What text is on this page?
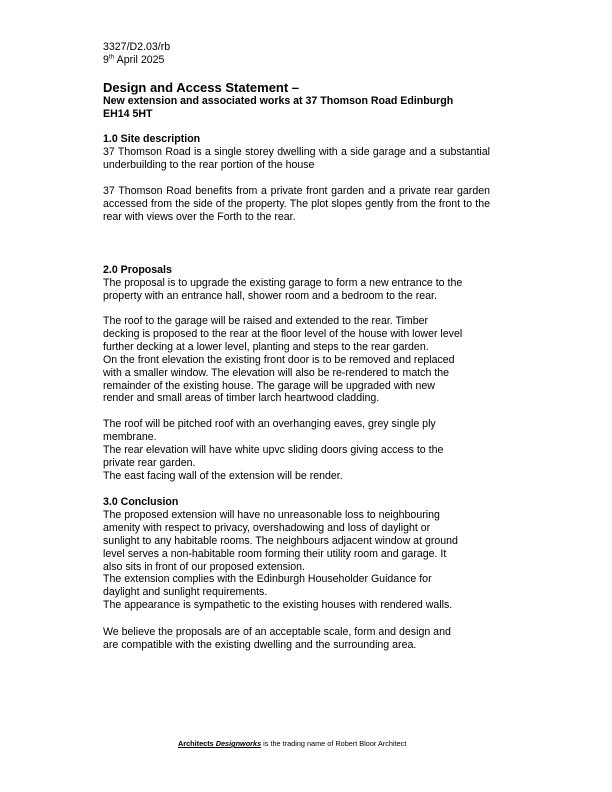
3327/D2.03/rb
9th April 2025
Design and Access Statement –
New extension and associated works at 37 Thomson Road Edinburgh
EH14 5HT
1.0 Site description
37 Thomson Road is a single storey dwelling with a side garage and a substantial underbuilding to the rear portion of the house
37 Thomson Road benefits from a private front garden and a private rear garden accessed from the side of the property. The plot slopes gently from the front to the rear with views over the Forth to the rear.
2.0 Proposals
The proposal is to upgrade the existing garage to form a new entrance to the
property with an entrance hall, shower room and a bedroom to the rear.
The roof to the garage will be raised and extended to the rear. Timber
decking is proposed to the rear at the floor level of the house with lower level
further decking at a lower level, planting and steps to the rear garden.
On the front elevation the existing front door is to be removed and replaced
with a smaller window. The elevation will also be re-rendered to match the
remainder of the existing house. The garage will be upgraded with new
render and small areas of timber larch heartwood cladding.
The roof will be pitched roof with an overhanging eaves, grey single ply
membrane.
The rear elevation will have white upvc sliding doors giving access to the
private rear garden.
The east facing wall of the extension will be render.
3.0 Conclusion
The proposed extension will have no unreasonable loss to neighbouring
amenity with respect to privacy, overshadowing and loss of daylight or
sunlight to any habitable rooms. The neighbours adjacent window at ground
level serves a non-habitable room forming their utility room and garage. It
also sits in front of our proposed extension.
The extension complies with the Edinburgh Householder Guidance for
daylight and sunlight requirements.
The appearance is sympathetic to the existing houses with rendered walls.
We believe the proposals are of an acceptable scale, form and design and
are compatible with the existing dwelling and the surrounding area.
Architects Designworks is the trading name of Robert Bloor Architect
